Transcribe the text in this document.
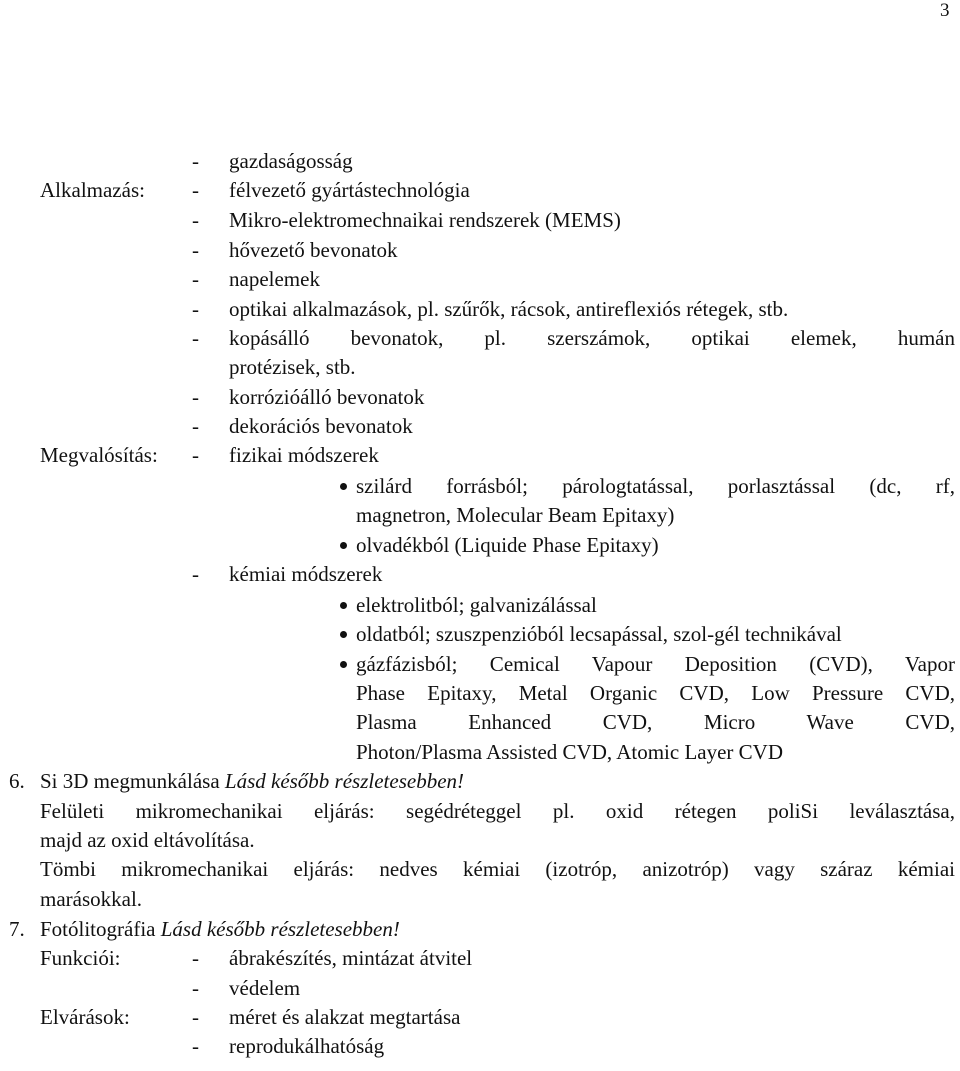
3
- gazdaságosság
Alkalmazás: - félvezető gyártástechnológia
- Mikro-elektromechnaikai rendszerek (MEMS)
- hővezető bevonatok
- napelemek
- optikai alkalmazások, pl. szűrők, rácsok, antireflexiós rétegek, stb.
- kopásálló bevonatok, pl. szerszámok, optikai elemek, humán
protézisek, stb.
- korrózióálló bevonatok
- dekorációs bevonatok
Megvalósítás: - fizikai módszerek
szilárd forrásból; párologtatással, porlasztással (dc, rf,
magnetron, Molecular Beam Epitaxy)
olvadékból (Liquide Phase Epitaxy)
- kémiai módszerek
elektrolitból; galvanizálással
oldatból; szuszpenzióból lecsapással, szol-gél technikával
gázfázisból; Cemical Vapour Deposition (CVD), Vapor
Phase Epitaxy, Metal Organic CVD, Low Pressure CVD,
Plasma Enhanced CVD, Micro Wave CVD,
Photon/Plasma Assisted CVD, Atomic Layer CVD
6. Si 3D megmunkálása Lásd később részletesebben!
Felületi mikromechanikai eljárás: segédréteggel pl. oxid rétegen poliSi leválasztása,
majd az oxid eltávolítása.
Tömbi mikromechanikai eljárás: nedves kémiai (izotróp, anizotróp) vagy száraz kémiai
marásokkal.
7. Fotólitográfia Lásd később részletesebben!
Funkciói:	- ábrakészítés, mintázat átvitel
- védelem
Elvárások:	- méret és alakzat megtartása
- reprodukálhatóság
